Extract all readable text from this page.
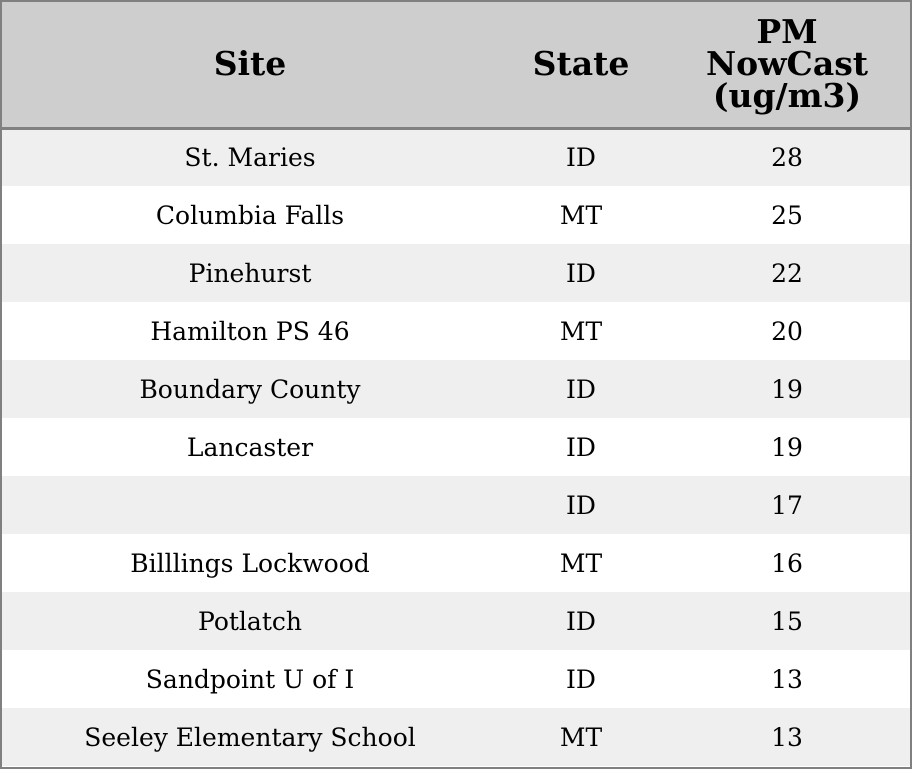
Site	State	PM
NowCast
(ug/m3)

St. Maries	ID	28
Columbia Falls	MT	25
Pinehurst	ID	22
Hamilton PS 46	MT	20
Boundary County	ID	19
Lancaster	ID	19
	ID	17
Billlings Lockwood	MT	16
Potlatch	ID	15
Sandpoint U of I	ID	13
Seeley Elementary School	MT	13
